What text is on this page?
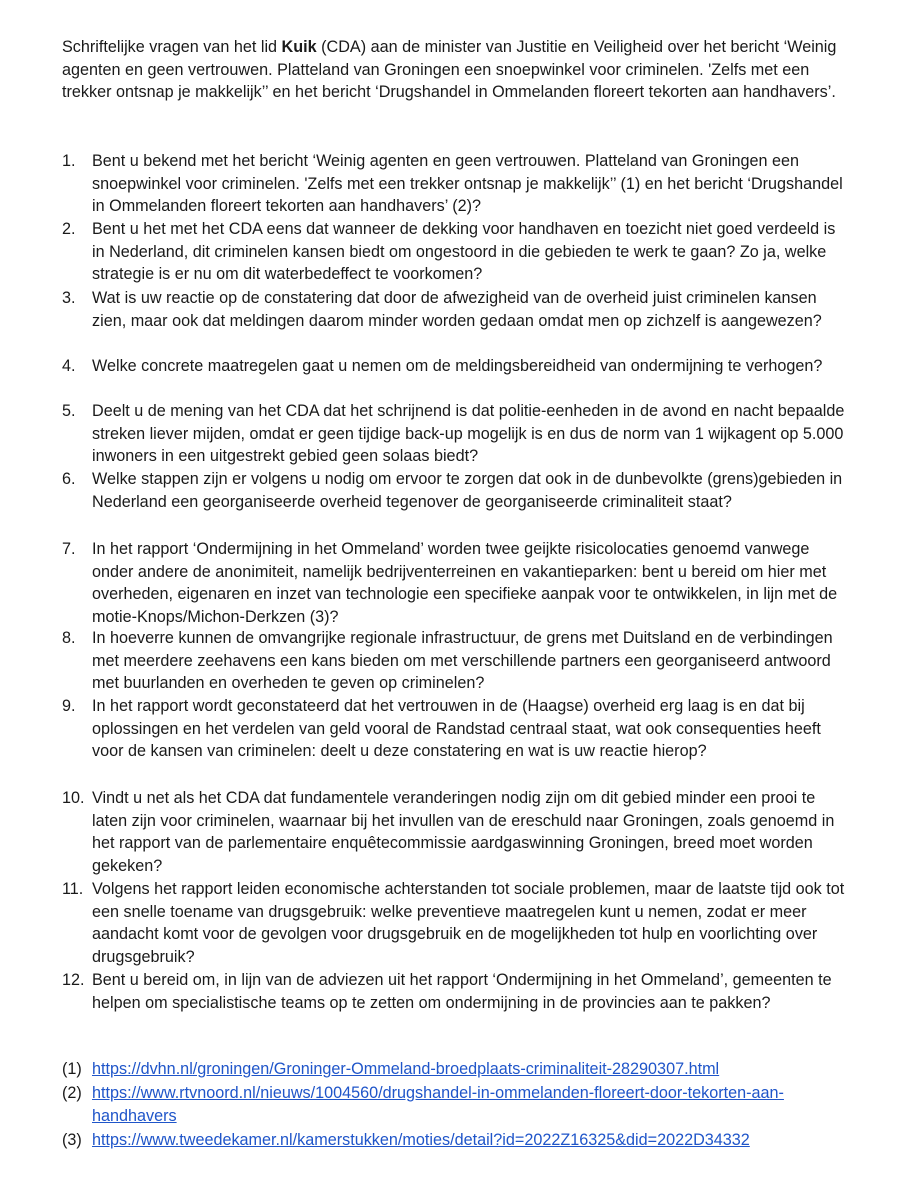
Schriftelijke vragen van het lid Kuik (CDA) aan de minister van Justitie en Veiligheid over het bericht ‘Weinig agenten en geen vertrouwen. Platteland van Groningen een snoepwinkel voor criminelen. 'Zelfs met een trekker ontsnap je makkelijk’’ en het bericht ‘Drugshandel in Ommelanden floreert tekorten aan handhavers’.
1.	Bent u bekend met het bericht ‘Weinig agenten en geen vertrouwen. Platteland van Groningen een snoepwinkel voor criminelen. 'Zelfs met een trekker ontsnap je makkelijk’’ (1) en het bericht ‘Drugshandel in Ommelanden floreert tekorten aan handhavers’ (2)?
2.	Bent u het met het CDA eens dat wanneer de dekking voor handhaven en toezicht niet goed verdeeld is in Nederland, dit criminelen kansen biedt om ongestoord in die gebieden te werk te gaan? Zo ja, welke strategie is er nu om dit waterbedeffect te voorkomen?
3.	Wat is uw reactie op de constatering dat door de afwezigheid van de overheid juist criminelen kansen zien, maar ook dat meldingen daarom minder worden gedaan omdat men op zichzelf is aangewezen?
4.	Welke concrete maatregelen gaat u nemen om de meldingsbereidheid van ondermijning te verhogen?
5.	Deelt u de mening van het CDA dat het schrijnend is dat politie-eenheden in de avond en nacht bepaalde streken liever mijden, omdat er geen tijdige back-up mogelijk is en dus de norm van 1 wijkagent op 5.000 inwoners in een uitgestrekt gebied geen solaas biedt?
6.	Welke stappen zijn er volgens u nodig om ervoor te zorgen dat ook in de dunbevolkte (grens)gebieden in Nederland een georganiseerde overheid tegenover de georganiseerde criminaliteit staat?
7.	In het rapport ‘Ondermijning in het Ommeland’ worden twee geijkte risicolocaties genoemd vanwege onder andere de anonimiteit, namelijk bedrijventerreinen en vakantieparken: bent u bereid om hier met overheden, eigenaren en inzet van technologie een specifieke aanpak voor te ontwikkelen, in lijn met de motie-Knops/Michon-Derkzen (3)?
8.	In hoeverre kunnen de omvangrijke regionale infrastructuur, de grens met Duitsland en de verbindingen met meerdere zeehavens een kans bieden om met verschillende partners een georganiseerd antwoord met buurlanden en overheden te geven op criminelen?
9.	In het rapport wordt geconstateerd dat het vertrouwen in de (Haagse) overheid erg laag is en dat bij oplossingen en het verdelen van geld vooral de Randstad centraal staat, wat ook consequenties heeft voor de kansen van criminelen: deelt u deze constatering en wat is uw reactie hierop?
10. Vindt u net als het CDA dat fundamentele veranderingen nodig zijn om dit gebied minder een prooi te laten zijn voor criminelen, waarnaar bij het invullen van de ereschuld naar Groningen, zoals genoemd in het rapport van de parlementaire enquêtecommissie aardgaswinning Groningen, breed moet worden gekeken?
11. Volgens het rapport leiden economische achterstanden tot sociale problemen, maar de laatste tijd ook tot een snelle toename van drugsgebruik: welke preventieve maatregelen kunt u nemen, zodat er meer aandacht komt voor de gevolgen voor drugsgebruik en de mogelijkheden tot hulp en voorlichting over drugsgebruik?
12. Bent u bereid om, in lijn van de adviezen uit het rapport ‘Ondermijning in het Ommeland’, gemeenten te helpen om specialistische teams op te zetten om ondermijning in de provincies aan te pakken?
(1) https://dvhn.nl/groningen/Groninger-Ommeland-broedplaats-criminaliteit-28290307.html
(2) https://www.rtvnoord.nl/nieuws/1004560/drugshandel-in-ommelanden-floreert-door-tekorten-aan-handhavers
(3) https://www.tweedekamer.nl/kamerstukken/moties/detail?id=2022Z16325&did=2022D34332
